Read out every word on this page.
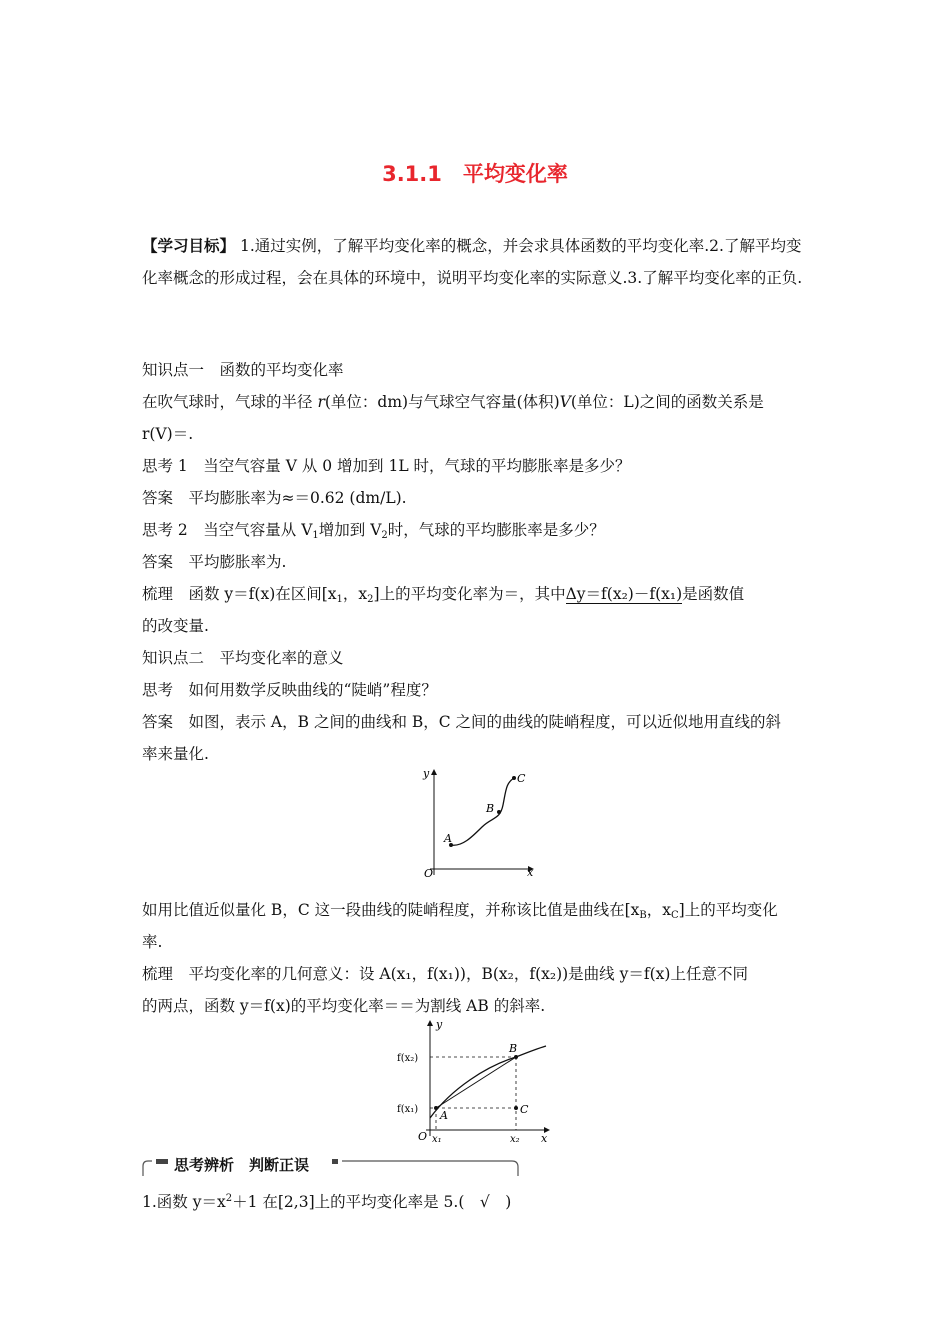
3.1.1　平均变化率
【学习目标】 1.通过实例，了解平均变化率的概念，并会求具体函数的平均变化率.2.了解平均变化率概念的形成过程，会在具体的环境中，说明平均变化率的实际意义.3.了解平均变化率的正负.
知识点一　函数的平均变化率
在吹气球时，气球的半径 r(单位：dm)与气球空气容量(体积)V(单位：L)之间的函数关系是
r(V)＝.
思考 1　当空气容量 V 从 0 增加到 1L 时，气球的平均膨胀率是多少？
答案　平均膨胀率为≈＝0.62 (dm/L).
思考 2　当空气容量从 $V_1$增加到 $V_2$时，气球的平均膨胀率是多少？
答案　平均膨胀率为.
梳理　函数 y＝f(x)在区间[$x_1$，$x_2$]上的平均变化率为＝，其中Δy＝f(x₂)－f(x₁)是函数值
的改变量.
知识点二　平均变化率的意义
思考　如何用数学反映曲线的“陡峭”程度？
答案　如图，表示 A，B 之间的曲线和 B，C 之间的曲线的陡峭程度，可以近似地用直线的斜
率来量化.
y
x
O
A
B
C
如用比值近似量化 B，C 这一段曲线的陡峭程度，并称该比值是曲线在[$x_B$，$x_C$]上的平均变化
率.
梳理　平均变化率的几何意义：设 A(x₁，f(x₁))，B(x₂，f(x₂))是曲线 y＝f(x)上任意不同
的两点，函数 y＝f(x)的平均变化率＝＝为割线 AB 的斜率.
y
x
O
A
B
C
f(x₂)
f(x₁)
x₁	x₂
思考辨析　判断正误
1.函数 $y=x^2+1$ 在[2,3]上的平均变化率是 5.(　√　)
